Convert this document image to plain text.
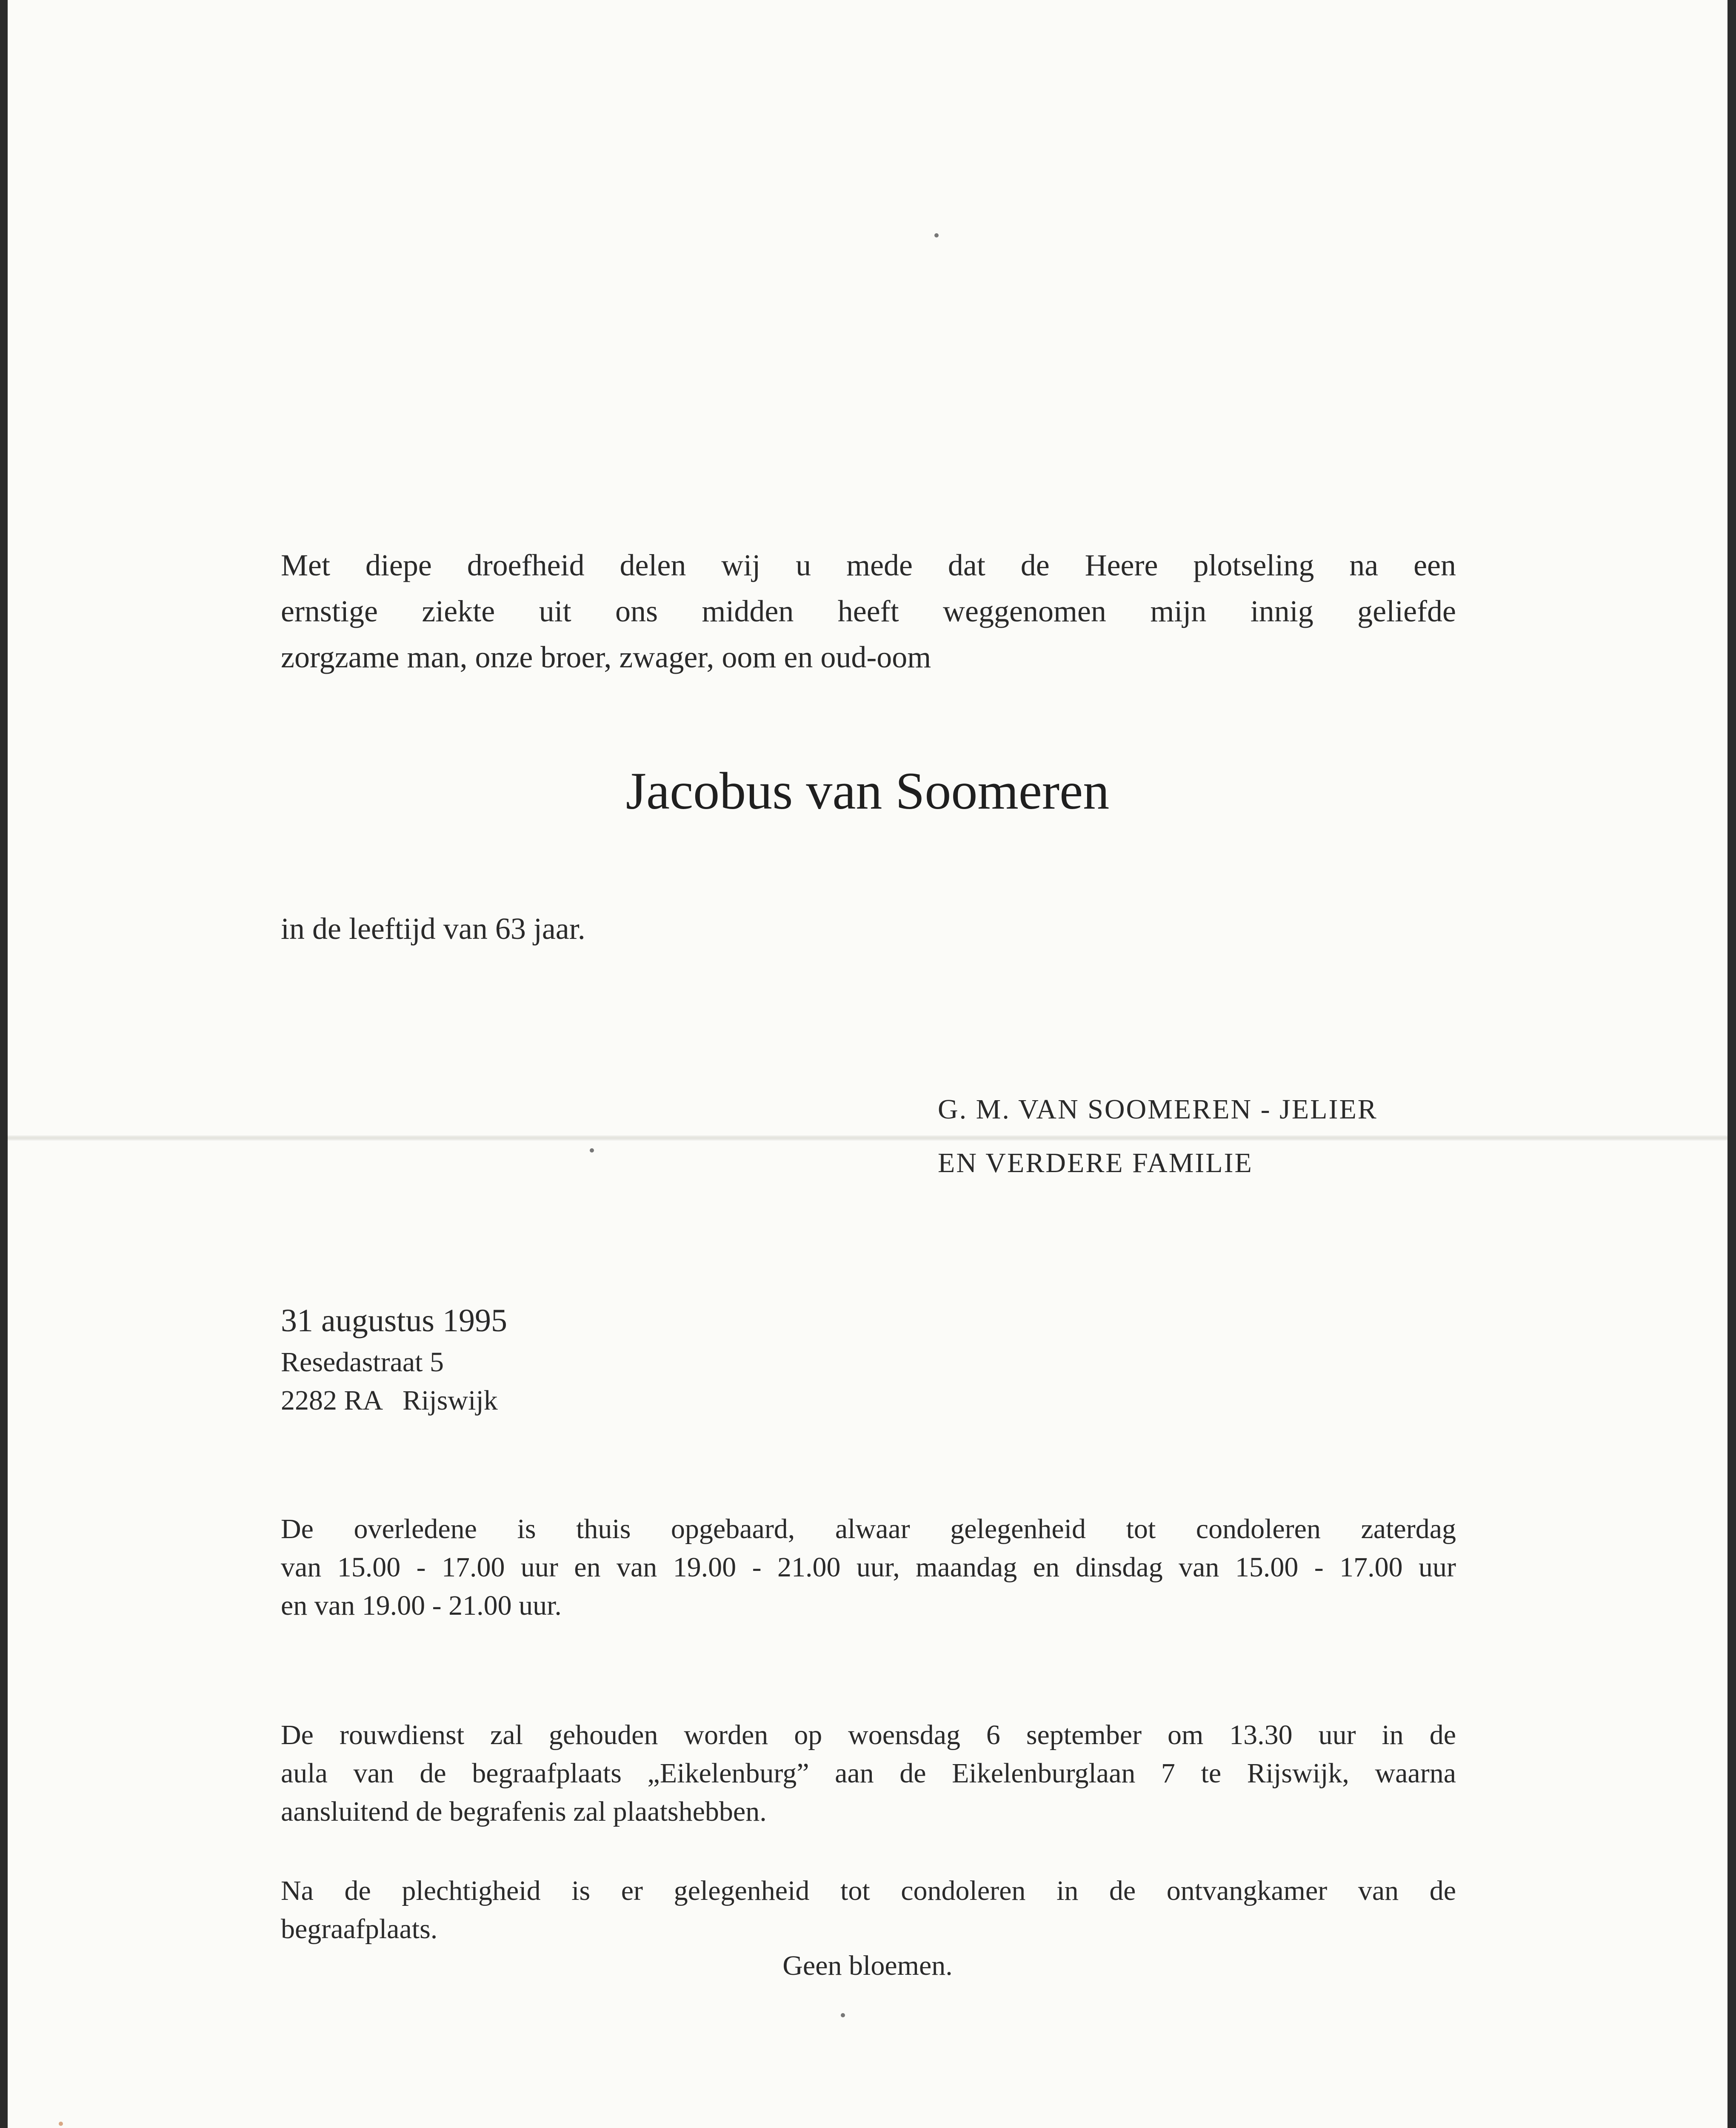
Met diepe droefheid delen wij u mede dat de Heere plotseling na een
ernstige ziekte uit ons midden heeft weggenomen mijn innig geliefde
zorgzame man, onze broer, zwager, oom en oud-oom
Jacobus van Soomeren
in de leeftijd van 63 jaar.
G. M. VAN SOOMEREN - JELIER
EN VERDERE FAMILIE
31 augustus 1995
Resedastraat 5
2282 RA   Rijswijk
De overledene is thuis opgebaard, alwaar gelegenheid tot condoleren zaterdag
van 15.00 - 17.00 uur en van 19.00 - 21.00 uur, maandag en dinsdag van 15.00 - 17.00 uur
en van 19.00 - 21.00 uur.
De rouwdienst zal gehouden worden op woensdag 6 september om 13.30 uur in de
aula van de begraafplaats „Eikelenburg” aan de Eikelenburglaan 7 te Rijswijk, waarna
aansluitend de begrafenis zal plaatshebben.
Na de plechtigheid is er gelegenheid tot condoleren in de ontvangkamer van de
begraafplaats.
Geen bloemen.
